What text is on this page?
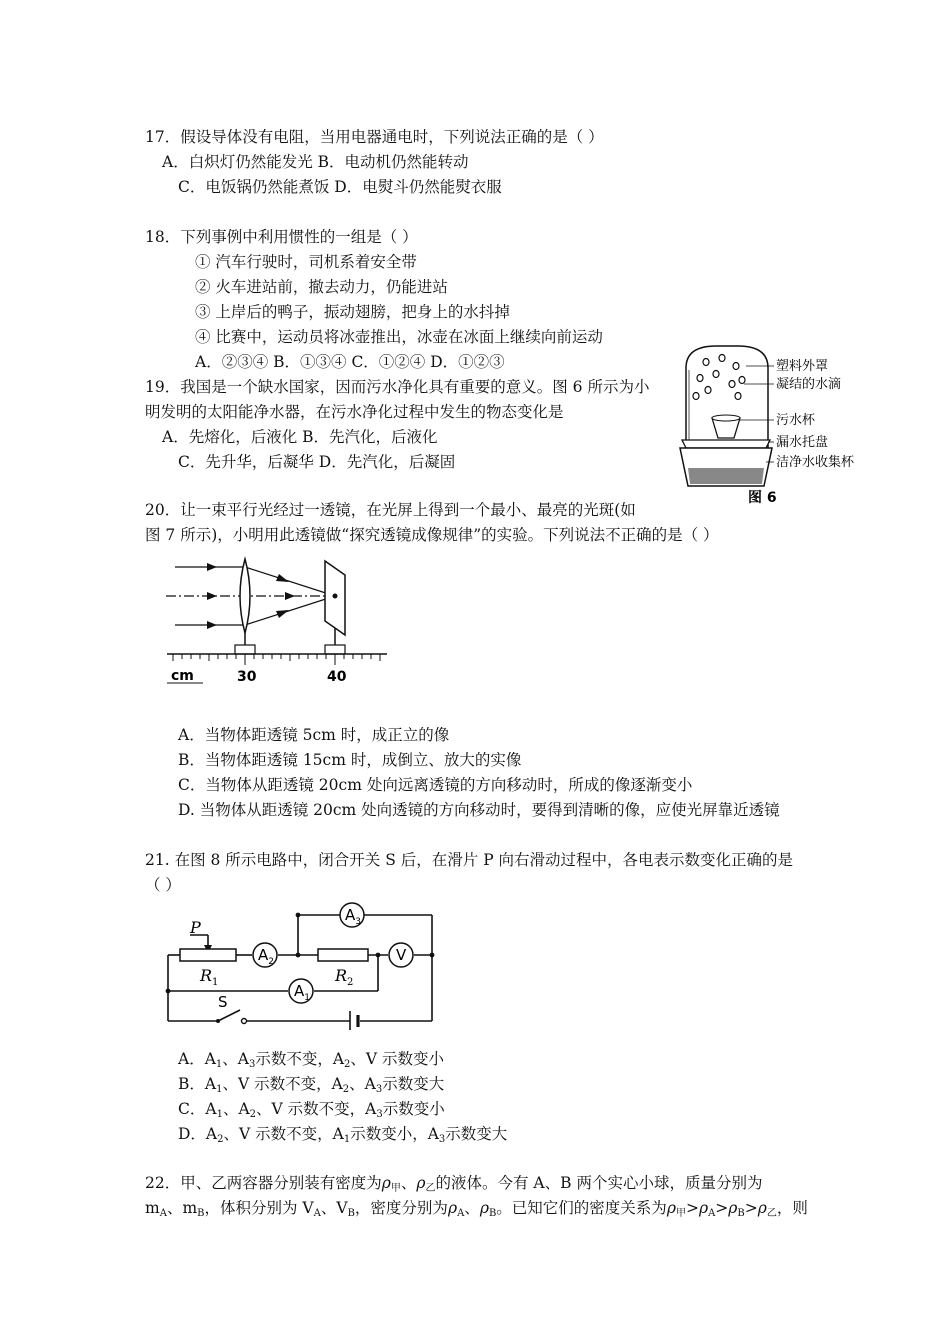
17．假设导体没有电阻，当用电器通电时，下列说法正确的是（ ）
A．白炽灯仍然能发光 B．电动机仍然能转动
C．电饭锅仍然能煮饭 D．电熨斗仍然能熨衣服
18．下列事例中利用惯性的一组是（ ）
① 汽车行驶时，司机系着安全带
② 火车进站前，撤去动力，仍能进站
③ 上岸后的鸭子，振动翅膀，把身上的水抖掉
④ 比赛中，运动员将冰壶推出，冰壶在冰面上继续向前运动
A．②③④ B．①③④ C．①②④ D．①②③
19．我国是一个缺水国家，因而污水净化具有重要的意义。图 6 所示为小
明发明的太阳能净水器，在污水净化过程中发生的物态变化是
A．先熔化，后液化 B．先汽化，后液化
C．先升华，后凝华 D．先汽化，后凝固
塑料外罩
凝结的水滴
污水杯
漏水托盘
洁净水收集杯
图 6
20．让一束平行光经过一透镜，在光屏上得到一个最小、最亮的光斑(如
图 7 所示)，小明用此透镜做“探究透镜成像规律”的实验。下列说法不正确的是（ ）
cm	30	40
A．当物体距透镜 5cm 时，成正立的像
B．当物体距透镜 15cm 时，成倒立、放大的实像
C．当物体从距透镜 20cm 处向远离透镜的方向移动时，所成的像逐渐变小
D. 当物体从距透镜 20cm 处向透镜的方向移动时，要得到清晰的像，应使光屏靠近透镜
21. 在图 8 所示电路中，闭合开关 S 后，在滑片 P 向右滑动过程中，各电表示数变化正确的是
（ ）
$A_3$
$A_2$	V
$A_1$
P
$R_1$	$R_2$
S
A．$A_1$、$A_3$示数不变，$A_2$、V 示数变小
B．$A_1$、V 示数不变，$A_2$、$A_3$示数变大
C．$A_1$、$A_2$、V 示数不变，$A_3$示数变小
D．$A_2$、V 示数不变，$A_1$示数变小，$A_3$示数变大
22．甲、乙两容器分别装有密度为$\rho_甲$、$\rho_乙$的液体。今有 A、B 两个实心小球，质量分别为
$m_A$、$m_B$，体积分别为 $V_A$、$V_B$，密度分别为$\rho_A$、$\rho_B$。已知它们的密度关系为$\rho_甲>\rho_A>\rho_B>\rho_乙$，则
